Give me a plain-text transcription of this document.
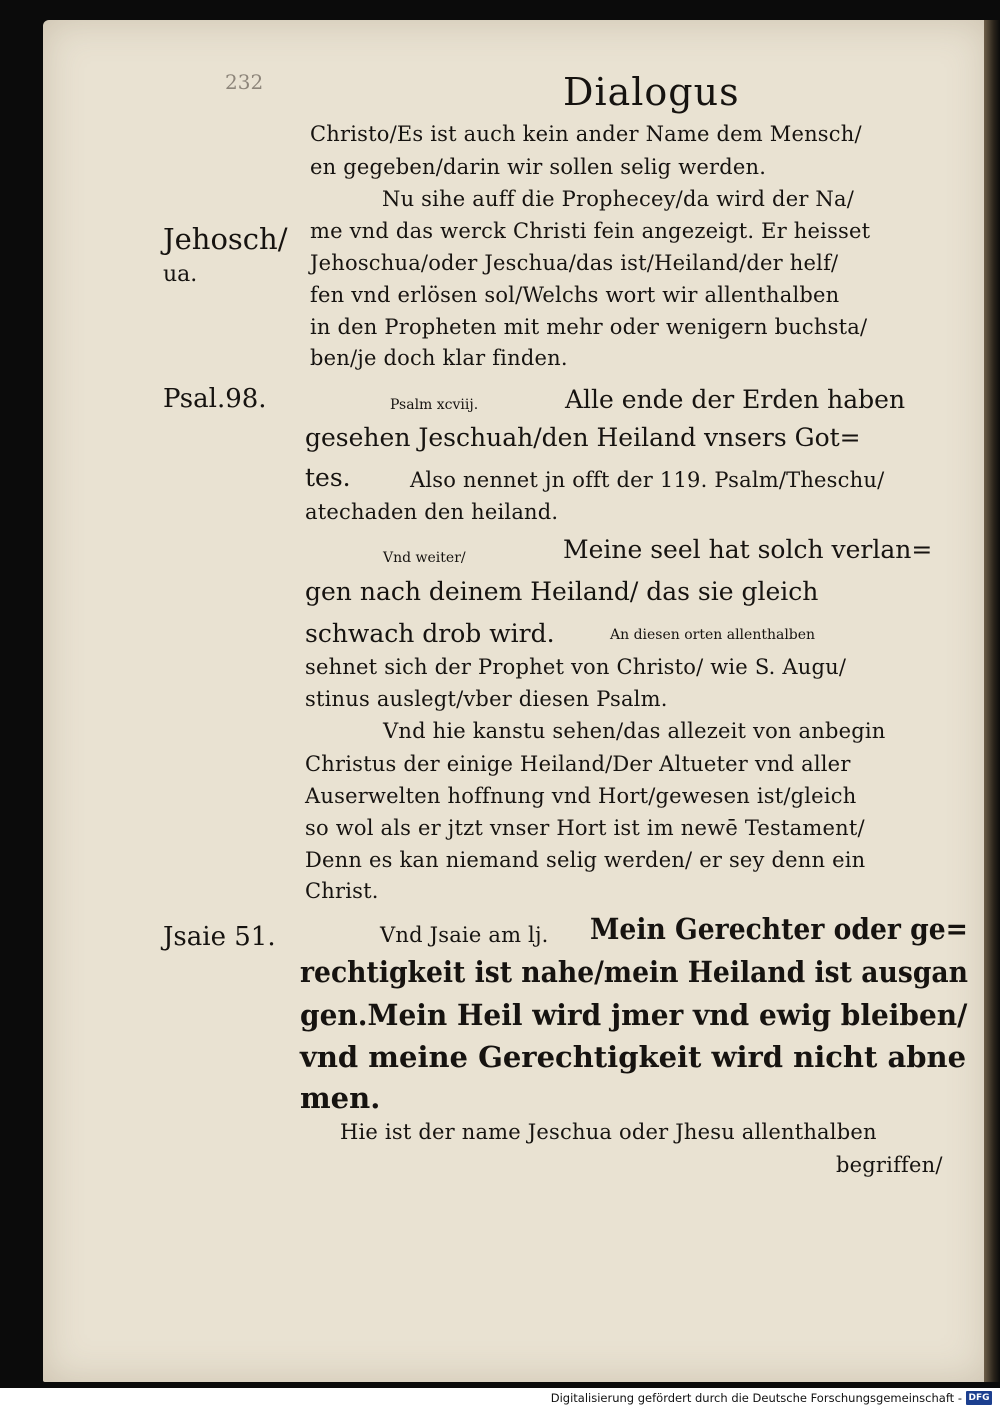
232	Dialogus
Jehosch/
ua.
Psal.98.
Jsaie 51.
Christo/Es ist auch kein ander Name dem Mensch/
en gegeben/darin wir sollen selig werden.
Nu sihe auff die Prophecey/da wird der Na/
me vnd das werck Christi fein angezeigt. Er heisset
Jehoschua/oder Jeschua/das ist/Heiland/der helf/
fen vnd erlösen sol/Welchs wort wir allenthalben
in den Propheten mit mehr oder wenigern buchsta/
ben/je doch klar finden.
Psalm xcviij.	Alle ende der Erden haben
gesehen Jeschuah/den Heiland vnsers Got=
tes.	Also nennet jn offt der 119. Psalm/Theschu/
atechaden den heiland.
Vnd weiter/	Meine seel hat solch verlan=
gen nach deinem Heiland/ das sie gleich
schwach drob wird.	An diesen orten allenthalben
sehnet sich der Prophet von Christo/ wie S. Augu/
stinus auslegt/vber diesen Psalm.
Vnd hie kanstu sehen/das allezeit von anbegin
Christus der einige Heiland/Der Altueter vnd aller
Auserwelten hoffnung vnd Hort/gewesen ist/gleich
so wol als er jtzt vnser Hort ist im newē Testament/
Denn es kan niemand selig werden/ er sey denn ein
Christ.
Vnd Jsaie am lj. Mein Gerechter oder ge=
rechtigkeit ist nahe/mein Heiland ist ausgan
gen.Mein Heil wird jmer vnd ewig bleiben/
vnd meine Gerechtigkeit wird nicht abne
men.
Hie ist der name Jeschua oder Jhesu allenthalben
begriffen/
Digitalisierung gefördert durch die Deutsche Forschungsgemeinschaft - DFG
